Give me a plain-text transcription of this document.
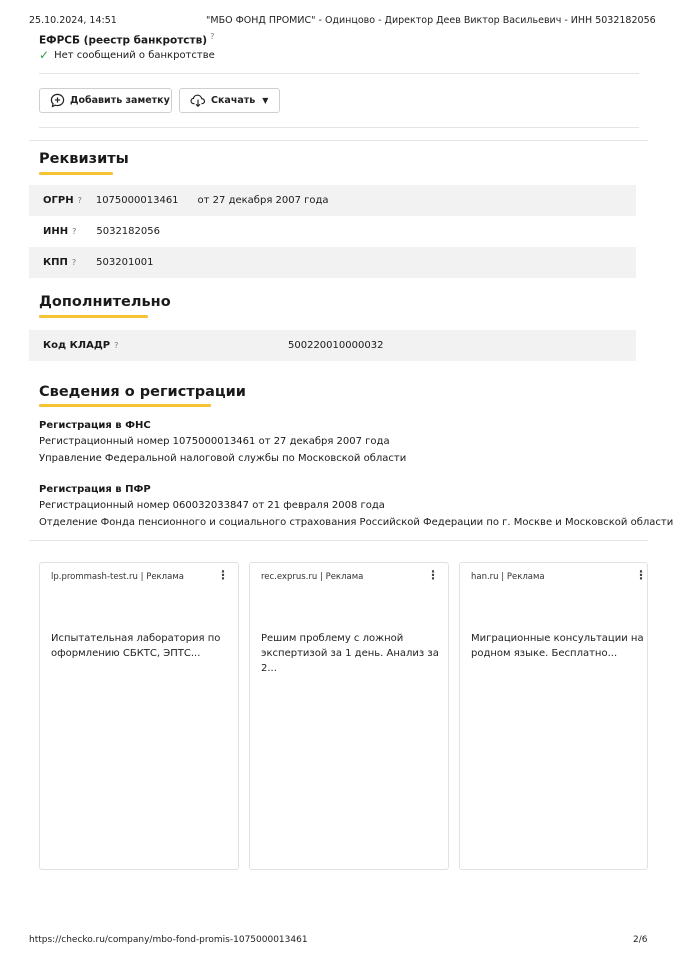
25.10.2024, 14:51	"МБО ФОНД ПРОМИС" - Одинцово - Директор Деев Виктор Васильевич - ИНН 5032182056
ЕФРСБ (реестр банкротств) ?
✓ Нет сообщений о банкротстве
Добавить заметку	Скачать ▼
Реквизиты
ОГРН ? 1075000013461 от 27 декабря 2007 года
ИНН ? 5032182056
КПП ? 503201001
Дополнительно
Код КЛАДР ?	500220010000032
Сведения о регистрации
Регистрация в ФНС
Регистрационный номер 1075000013461 от 27 декабря 2007 года
Управление Федеральной налоговой службы по Московской области
Регистрация в ПФР
Регистрационный номер 060032033847 от 21 февраля 2008 года
Отделение Фонда пенсионного и социального страхования Российской Федерации по г. Москве и Московской области
lp.prommash-test.ru | Реклама	⋮
Испытательная лаборатория по оформлению СБКТС, ЭПТС...
rec.exprus.ru | Реклама	⋮
Решим проблему с ложной экспертизой за 1 день. Анализ за 2...
han.ru | Реклама	⋮
Миграционные консультации на родном языке. Бесплатно...
https://checko.ru/company/mbo-fond-promis-1075000013461	2/6
